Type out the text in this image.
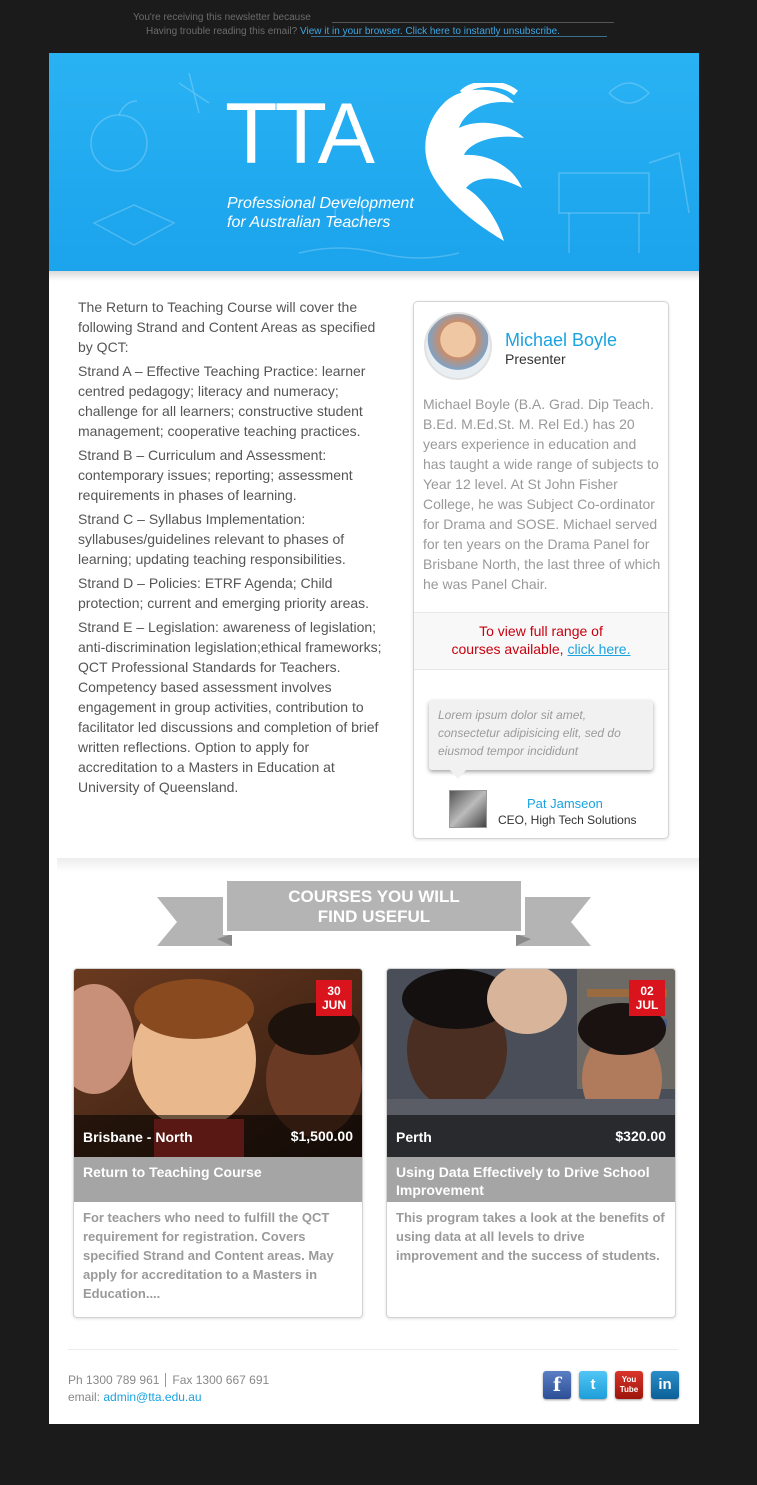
You're receiving this newsletter because
Having trouble reading this email? View it in your browser. Click here to instantly unsubscribe.
TTA
Professional Development
for Australian Teachers

The Return to Teaching Course will cover the following Strand and Content Areas as specified by QCT:

Strand A – Effective Teaching Practice: learner centred pedagogy; literacy and numeracy; challenge for all learners; constructive student management; cooperative teaching practices.

Strand B – Curriculum and Assessment: contemporary issues; reporting; assessment requirements in phases of learning.

Strand C – Syllabus Implementation: syllabuses/guidelines relevant to phases of learning; updating teaching responsibilities.

Strand D – Policies: ETRF Agenda; Child protection; current and emerging priority areas.

Strand E – Legislation: awareness of legislation; anti-discrimination legislation;ethical frameworks; QCT Professional Standards for Teachers. Competency based assessment involves engagement in group activities, contribution to facilitator led discussions and completion of brief written reflections. Option to apply for accreditation to a Masters in Education at University of Queensland.

Michael Boyle
Presenter
Michael Boyle (B.A. Grad. Dip Teach. B.Ed. M.Ed.St. M. Rel Ed.) has 20 years experience in education and has taught a wide range of subjects to Year 12 level. At St John Fisher College, he was Subject Co-ordinator for Drama and SOSE. Michael served for ten years on the Drama Panel for Brisbane North, the last three of which he was Panel Chair.
To view full range of
courses available, click here.
Lorem ipsum dolor sit amet, consectetur adipisicing elit, sed do eiusmod tempor incididunt
Pat Jamseon
CEO, High Tech Solutions
COURSES YOU WILL
FIND USEFUL
Brisbane - North	$1,500.00
30
JUN
Return to Teaching Course
For teachers who need to fulfill the QCT requirement for registration. Covers specified Strand and Content areas. May apply for accreditation to a Masters in Education....
Perth	$320.00
02
JUL
Using Data Effectively to Drive School Improvement
This program takes a look at the benefits of using data at all levels to drive improvement and the success of students.
Ph 1300 789 961 Fax 1300 667 691
email: admin@tta.edu.au
f	t	You
Tube	in
